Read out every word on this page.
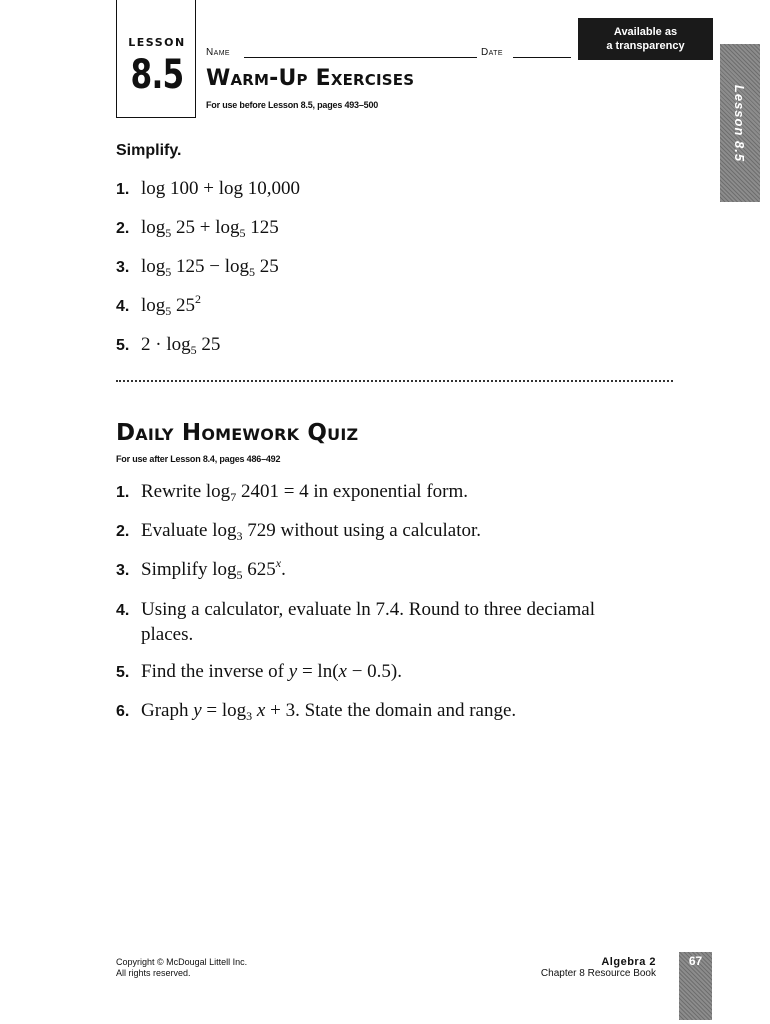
LESSON
8.5	Name	Date
Available as
a transparency
Lesson 8.5
Warm-Up Exercises
For use before Lesson 8.5, pages 493–500
Simplify.
1. log 100 + log 10,000
2. $\log_5 25 + \log_5 125$
3. $\log_5 125 - \log_5 25$
4. $\log_5 25^2$
5. $2 \cdot \log_5 25$
Daily Homework Quiz
For use after Lesson 8.4, pages 486–492
1. Rewrite $\log_7 2401 = 4$ in exponential form.
2. Evaluate $\log_3 729$ without using a calculator.
3. Simplify $\log_5 625^x$.
4. Using a calculator, evaluate ln 7.4. Round to three deciamal
places.
5. Find the inverse of y = ln(x − 0.5).
6. Graph $y = \log_3 x + 3$. State the domain and range.
Copyright © McDougal Littell Inc.
All rights reserved.
Algebra 2
Chapter 8 Resource Book
67
